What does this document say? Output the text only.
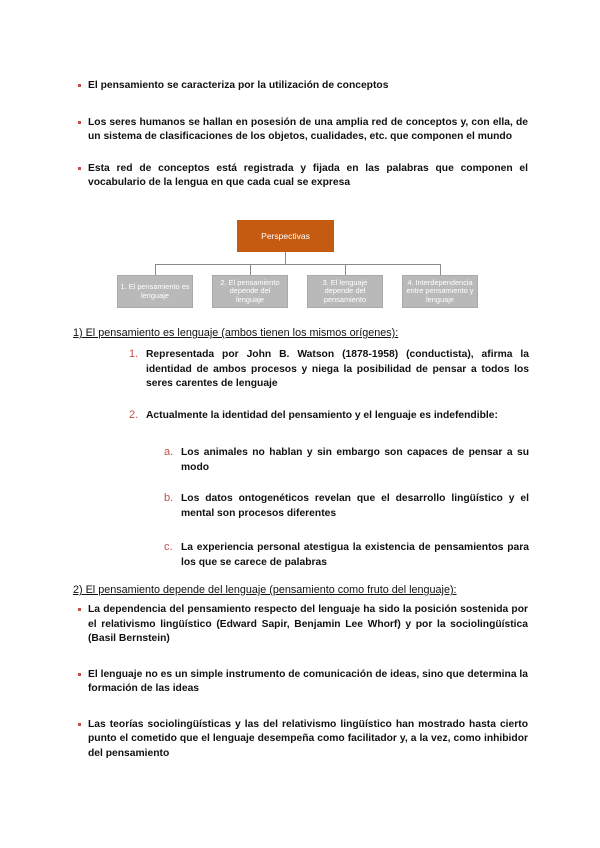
El pensamiento se caracteriza por la utilización de conceptos
Los seres humanos se hallan en posesión de una amplia red de conceptos y, con ella, de un sistema de clasificaciones de los objetos, cualidades, etc. que componen el mundo
Esta red de conceptos está registrada y fijada en las palabras que componen el vocabulario de la lengua en que cada cual se expresa
Perspectivas
1. El pensamiento es lenguaje
2. El pensamiento depende del lenguaje
3. El lenguaje depende del pensamiento
4. Interdependencia entre pensamiento y lenguaje
1) El pensamiento es lenguaje (ambos tienen los mismos orígenes):
1. Representada por John B. Watson (1878-1958) (conductista), afirma la identidad de ambos procesos y niega la posibilidad de pensar a todos los seres carentes de lenguaje
2. Actualmente la identidad del pensamiento y el lenguaje es indefendible:
a. Los animales no hablan y sin embargo son capaces de pensar a su modo
b. Los datos ontogenéticos revelan que el desarrollo lingüístico y el mental son procesos diferentes
c. La experiencia personal atestigua la existencia de pensamientos para los que se carece de palabras
2) El pensamiento depende del lenguaje (pensamiento como fruto del lenguaje):
La dependencia del pensamiento respecto del lenguaje ha sido la posición sostenida por el relativismo lingüístico (Edward Sapir, Benjamin Lee Whorf) y por la sociolingüística (Basil Bernstein)
El lenguaje no es un simple instrumento de comunicación de ideas, sino que determina la formación de las ideas
Las teorías sociolingüísticas y las del relativismo lingüístico han mostrado hasta cierto punto el cometido que el lenguaje desempeña como facilitador y, a la vez, como inhibidor del pensamiento
